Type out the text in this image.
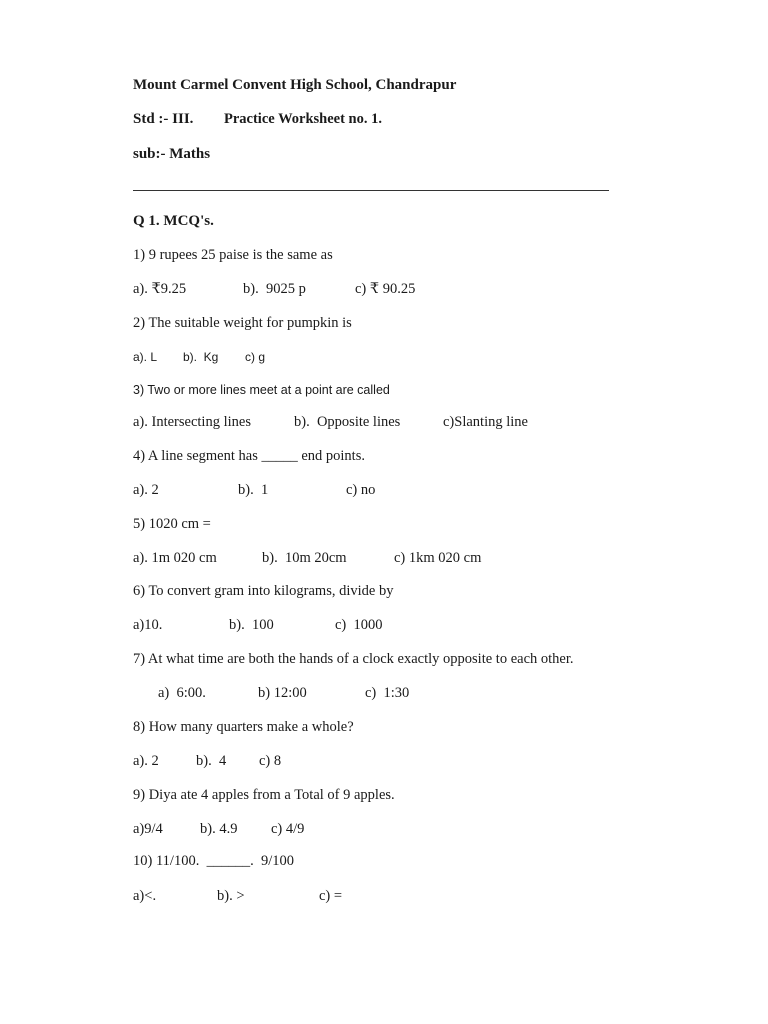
Mount Carmel Convent High School, Chandrapur
Std :- III. Practice Worksheet no. 1.
sub:- Maths
Q 1. MCQ's.
1) 9 rupees 25 paise is the same as
a). ₹9.25	b).  9025 p	c) ₹ 90.25
2) The suitable weight for pumpkin is
a). L b).  Kg c) g
3) Two or more lines meet at a point are called
a). Intersecting lines	b).  Opposite lines	c)Slanting line
4) A line segment has _____ end points.
a). 2	b).  1	c) no
5) 1020 cm =
a). 1m 020 cm	b).  10m 20cm	c) 1km 020 cm
6) To convert gram into kilograms, divide by
a)10.	b).  100	c)  1000
7) At what time are both the hands of a clock exactly opposite to each other.
a)  6:00.	b) 12:00	c)  1:30
8) How many quarters make a whole?
a). 2	b).  4 c) 8
9) Diya ate 4 apples from a Total of 9 apples.
a)9/4	b). 4.9 c) 4/9
10) 11/100.  ______.  9/100
a)<.	b). >	c) =
